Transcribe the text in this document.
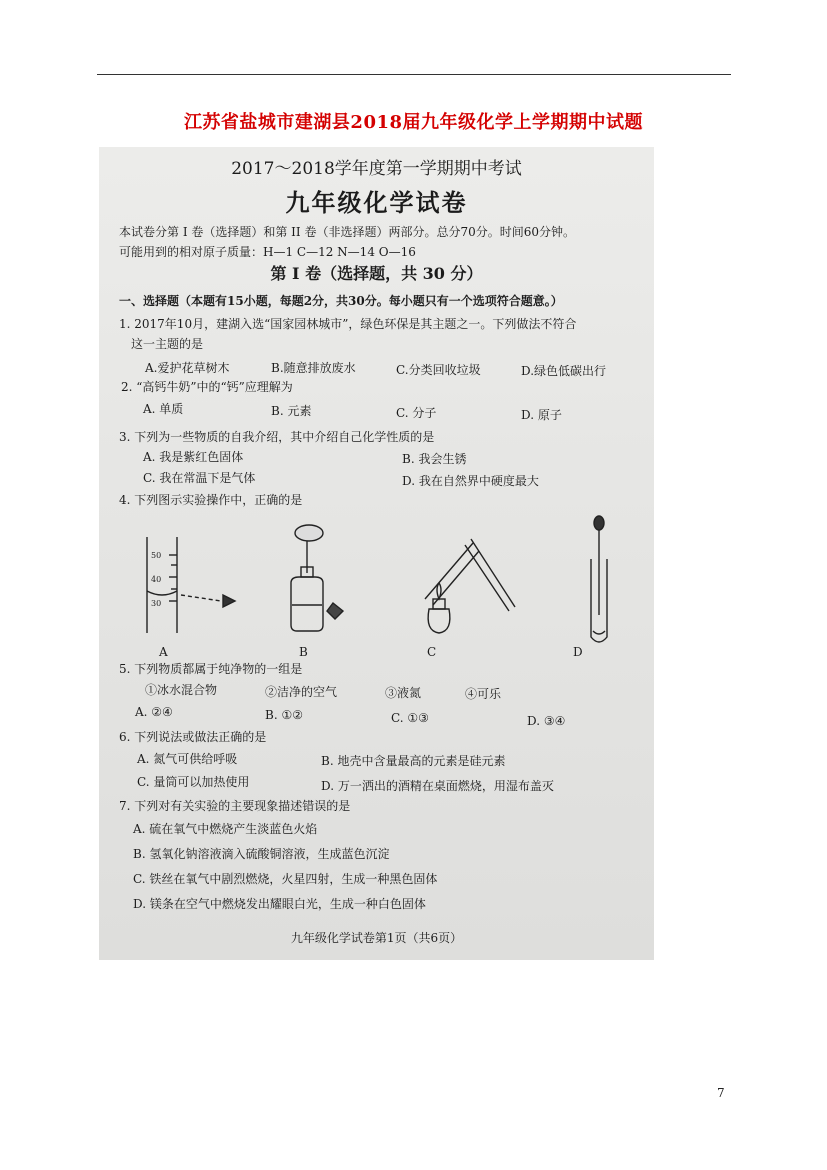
江苏省盐城市建湖县2018届九年级化学上学期期中试题
2017～2018学年度第一学期期中考试
九年级化学试卷
本试卷分第 I 卷（选择题）和第 II 卷（非选择题）两部分。总分70分。时间60分钟。
可能用到的相对原子质量：H—1 C—12 N—14 O—16
第 I 卷（选择题，共 30 分）
一、选择题（本题有15小题，每题2分，共30分。每小题只有一个选项符合题意。）
1. 2017年10月，建湖入选“国家园林城市”，绿色环保是其主题之一。下列做法不符合
这一主题的是
A.爱护花草树木	B.随意排放废水	C.分类回收垃圾	D.绿色低碳出行
2. “高钙牛奶”中的“钙”应理解为
A. 单质	B. 元素	C. 分子	D. 原子
3. 下列为一些物质的自我介绍，其中介绍自己化学性质的是
A. 我是紫红色固体	B. 我会生锈
C. 我在常温下是气体	D. 我在自然界中硬度最大
4. 下列图示实验操作中，正确的是
50
40
30
A	B	C	D
5. 下列物质都属于纯净物的一组是
①冰水混合物	②洁净的空气	③液氮	④可乐
A. ②④	B. ①②	C. ①③	D. ③④
6. 下列说法或做法正确的是
A. 氮气可供给呼吸	B. 地壳中含量最高的元素是硅元素
C. 量筒可以加热使用	D. 万一洒出的酒精在桌面燃烧，用湿布盖灭
7. 下列对有关实验的主要现象描述错误的是
A. 硫在氧气中燃烧产生淡蓝色火焰
B. 氢氧化钠溶液滴入硫酸铜溶液，生成蓝色沉淀
C. 铁丝在氧气中剧烈燃烧，火星四射，生成一种黑色固体
D. 镁条在空气中燃烧发出耀眼白光，生成一种白色固体
九年级化学试卷第1页（共6页）
7
